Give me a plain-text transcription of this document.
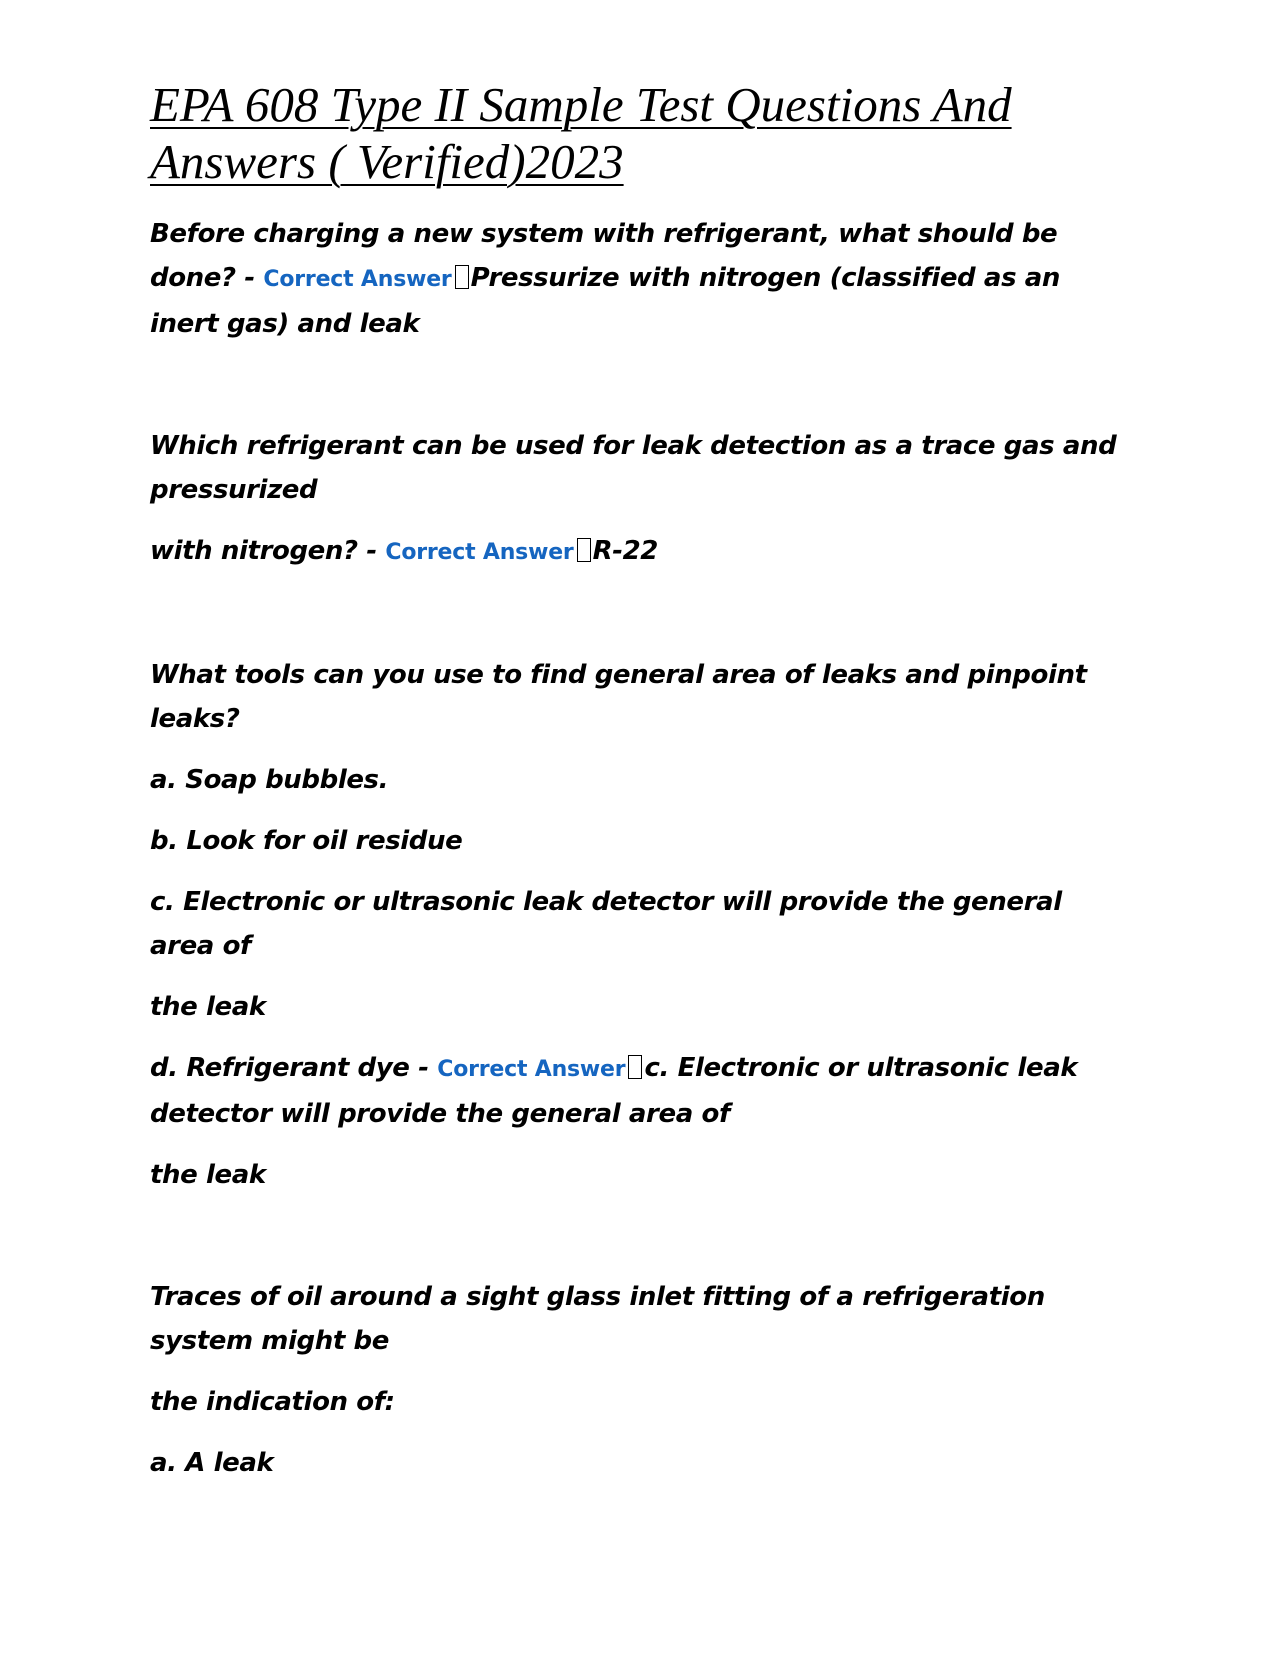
EPA 608 Type II Sample Test Questions And Answers ( Verified)2023

Before charging a new system with refrigerant, what should be done? - Correct Answer Pressurize with nitrogen (classified as an inert gas) and leak

Which refrigerant can be used for leak detection as a trace gas and pressurized

with nitrogen? - Correct Answer R-22

What tools can you use to find general area of leaks and pinpoint leaks?

a. Soap bubbles.

b. Look for oil residue

c. Electronic or ultrasonic leak detector will provide the general area of

the leak

d. Refrigerant dye - Correct Answer c. Electronic or ultrasonic leak detector will provide the general area of

the leak

Traces of oil around a sight glass inlet fitting of a refrigeration system might be

the indication of:

a. A leak
